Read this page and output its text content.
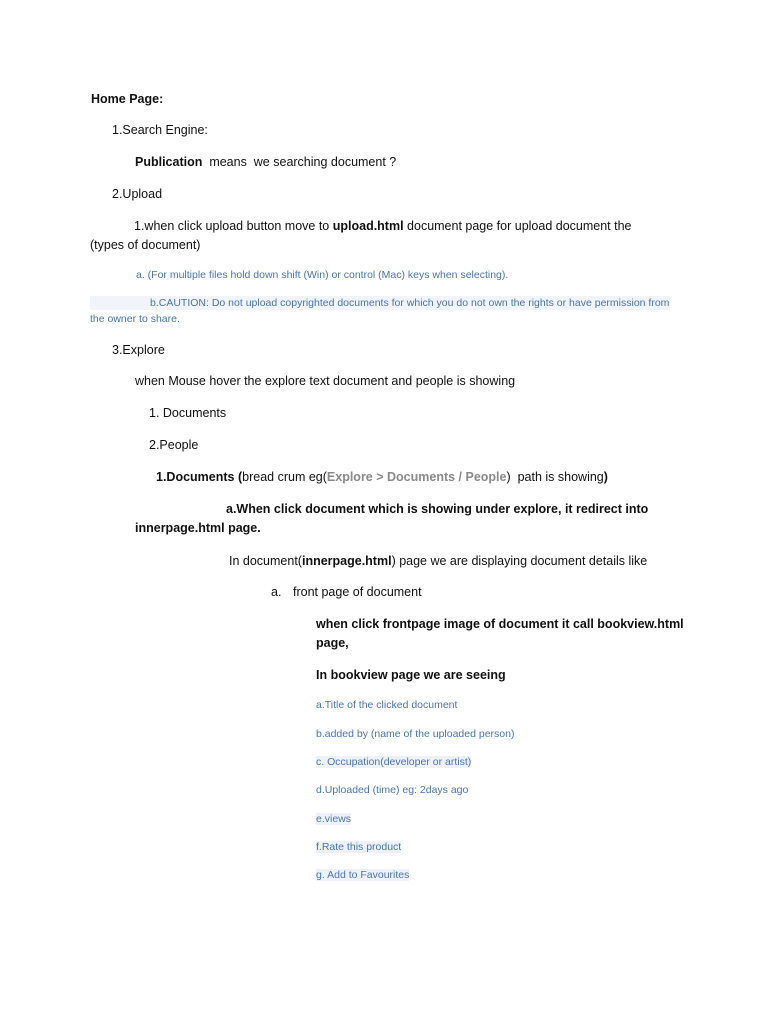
Home Page:
1.Search Engine:
Publication  means  we searching document ?
2.Upload
1.when click upload button move to upload.html document page for upload document the
(types of document)
a. (For multiple files hold down shift (Win) or control (Mac) keys when selecting).
b.CAUTION: Do not upload copyrighted documents for which you do not own the rights or have permission from
the owner to share.
3.Explore
when Mouse hover the explore text document and people is showing
1. Documents
2.People
1.Documents (bread crum eg(Explore > Documents / People)  path is showing)
a.When click document which is showing under explore, it redirect into
innerpage.html page.
In document(innerpage.html) page we are displaying document details like
a. front page of document
when click frontpage image of document it call bookview.html
page,
In bookview page we are seeing
a.Title of the clicked document
b.added by (name of the uploaded person)
c. Occupation(developer or artist)
d.Uploaded (time) eg: 2days ago
e.views
f.Rate this product
g. Add to Favourites
